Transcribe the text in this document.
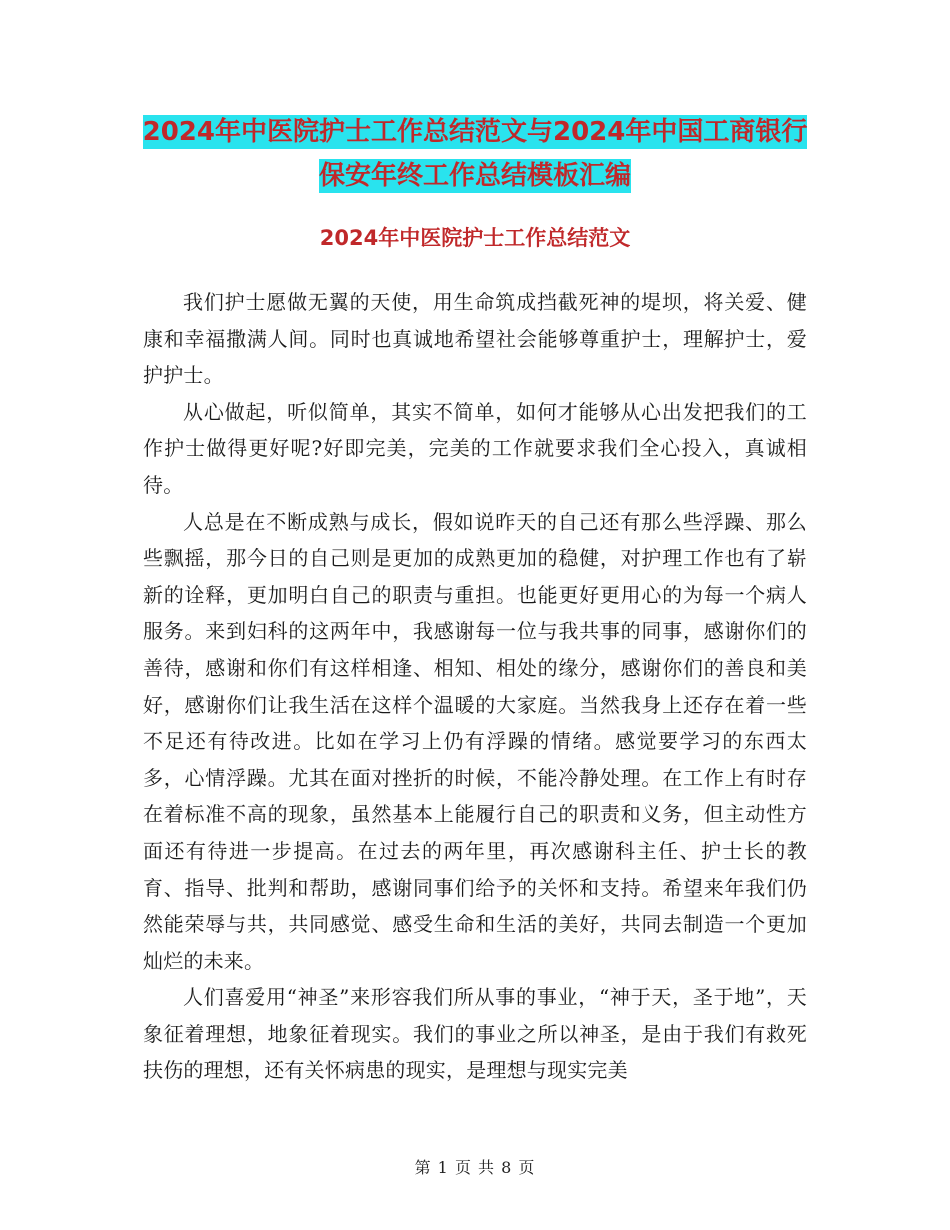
2024年中医院护士工作总结范文与2024年中国工商银行保安年终工作总结模板汇编
2024年中医院护士工作总结范文

我们护士愿做无翼的天使，用生命筑成挡截死神的堤坝，将关爱、健康和幸福撒满人间。同时也真诚地希望社会能够尊重护士，理解护士，爱护护士。

从心做起，听似简单，其实不简单，如何才能够从心出发把我们的工作护士做得更好呢?好即完美，完美的工作就要求我们全心投入，真诚相待。

人总是在不断成熟与成长，假如说昨天的自己还有那么些浮躁、那么些飘摇，那今日的自己则是更加的成熟更加的稳健，对护理工作也有了崭新的诠释，更加明白自己的职责与重担。也能更好更用心的为每一个病人服务。来到妇科的这两年中，我感谢每一位与我共事的同事，感谢你们的善待，感谢和你们有这样相逢、相知、相处的缘分，感谢你们的善良和美好，感谢你们让我生活在这样个温暖的大家庭。当然我身上还存在着一些不足还有待改进。比如在学习上仍有浮躁的情绪。感觉要学习的东西太多，心情浮躁。尤其在面对挫折的时候，不能冷静处理。在工作上有时存在着标准不高的现象，虽然基本上能履行自己的职责和义务，但主动性方面还有待进一步提高。在过去的两年里，再次感谢科主任、护士长的教育、指导、批判和帮助，感谢同事们给予的关怀和支持。希望来年我们仍然能荣辱与共，共同感觉、感受生命和生活的美好，共同去制造一个更加灿烂的未来。

人们喜爱用“神圣”来形容我们所从事的事业，“神于天，圣于地”，天象征着理想，地象征着现实。我们的事业之所以神圣，是由于我们有救死扶伤的理想，还有关怀病患的现实，是理想与现实完美

第 1 页 共 8 页
